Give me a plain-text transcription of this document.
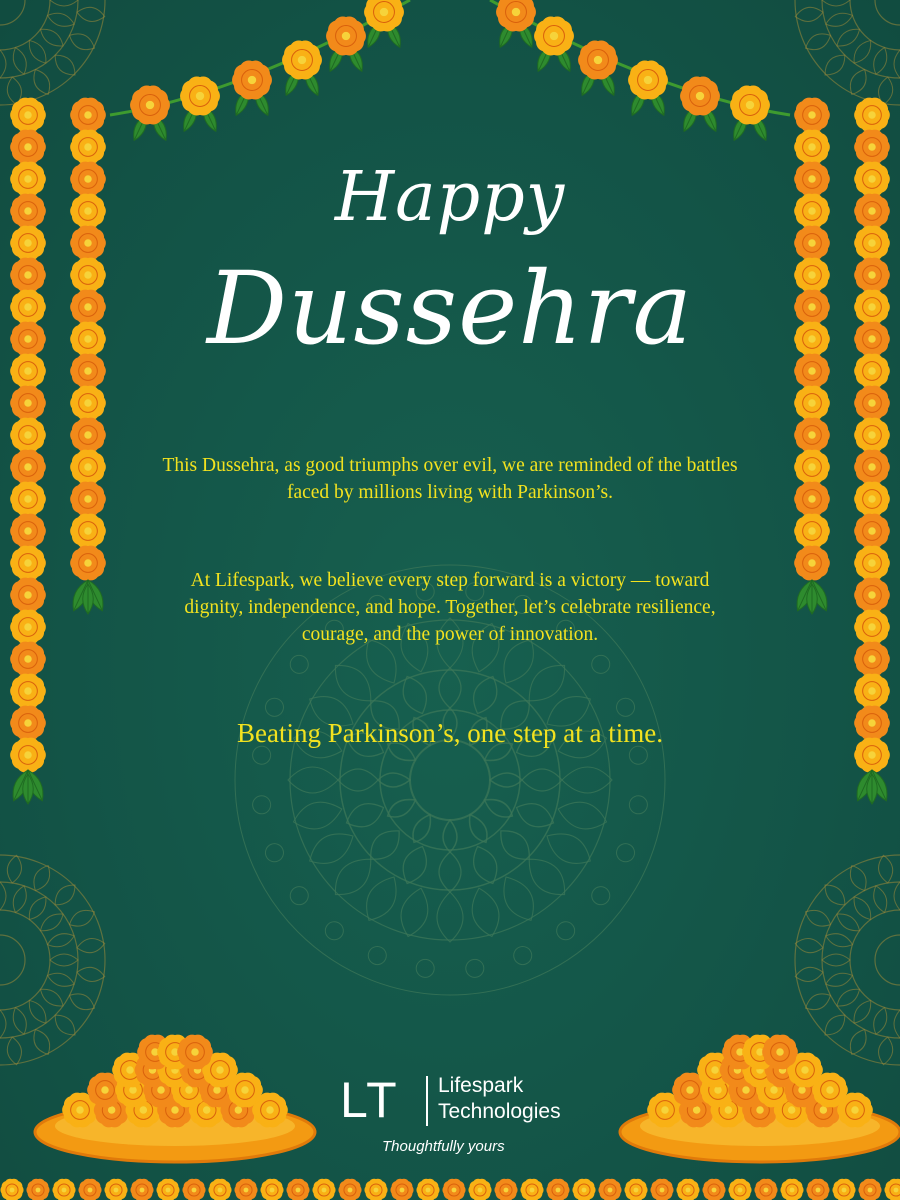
Happy
Dussehra

This Dussehra, as good triumphs over evil, we are reminded of the battles faced by millions living with Parkinson’s.

At Lifespark, we believe every step forward is a victory — toward dignity, independence, and hope. Together, let’s celebrate resilience, courage, and the power of innovation.

Beating Parkinson’s, one step at a time.
LT Lifespark
Technologies
Thoughtfully yours
